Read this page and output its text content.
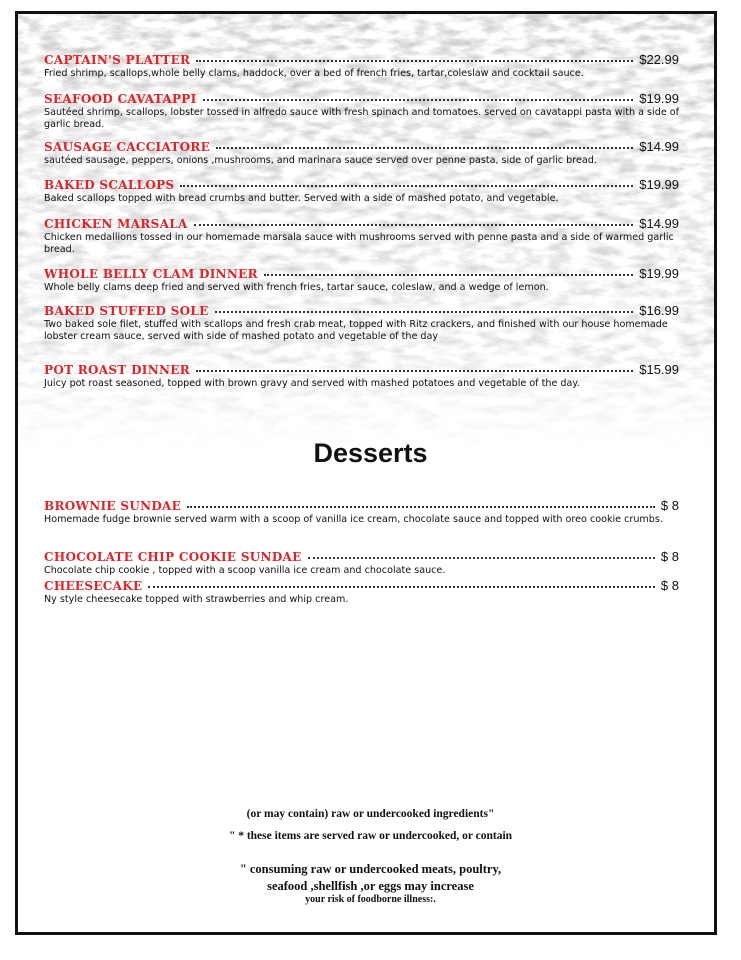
CAPTAIN'S PLATTER	$22.99
Fried shrimp, scallops,whole belly clams, haddock, over a bed of french fries, tartar,coleslaw and cocktail sauce.
SEAFOOD CAVATAPPI	$19.99
Sautéed shrimp, scallops, lobster tossed in alfredo sauce with fresh spinach and tomatoes. served on cavatappi pasta with a side of garlic bread.
SAUSAGE CACCIATORE	$14.99
sautéed sausage, peppers, onions ,mushrooms, and marinara sauce served over penne pasta, side of garlic bread.
BAKED SCALLOPS	$19.99
Baked scallops topped with bread crumbs and butter. Served with a side of mashed potato, and vegetable.
CHICKEN MARSALA	$14.99
Chicken medallions tossed in our homemade marsala sauce with mushrooms served with penne pasta and a side of warmed garlic bread.
WHOLE BELLY CLAM DINNER	$19.99
Whole belly clams deep fried and served with french fries, tartar sauce, coleslaw, and a wedge of lemon.
BAKED STUFFED SOLE	$16.99
Two baked sole filet, stuffed with scallops and fresh crab meat, topped with Ritz crackers, and finished with our house homemade lobster cream sauce, served with side of mashed potato and vegetable of the day
POT ROAST DINNER	$15.99
Juicy pot roast seasoned, topped with brown gravy and served with mashed potatoes and vegetable of the day.
Desserts
BROWNIE SUNDAE	$ 8
Homemade fudge brownie served warm with a scoop of vanilla ice cream, chocolate sauce and topped with oreo cookie crumbs.
CHOCOLATE CHIP COOKIE SUNDAE	$ 8
Chocolate chip cookie , topped with a scoop vanilla ice cream and chocolate sauce.
CHEESECAKE	$ 8
Ny style cheesecake topped with strawberries and whip cream.
(or may contain) raw or undercooked ingredients"
" * these items are served raw or undercooked, or contain
" consuming raw or undercooked meats, poultry,
seafood ,shellfish ,or eggs may increase
your risk of foodborne illness:.
